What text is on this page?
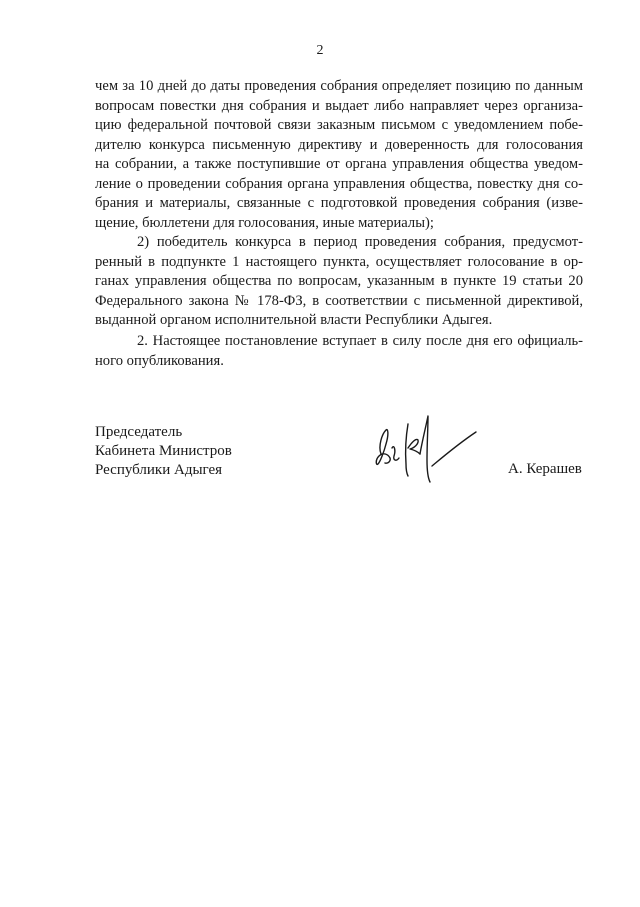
2
чем за 10 дней до даты проведения собрания определяет позицию по данным
вопросам повестки дня собрания и выдает либо направляет через организа-
цию федеральной почтовой связи заказным письмом с уведомлением побе-
дителю конкурса письменную директиву и доверенность для голосования
на собрании, а также поступившие от органа управления общества уведом-
ление о проведении собрания органа управления общества, повестку дня со-
брания и материалы, связанные с подготовкой проведения собрания (изве-
щение, бюллетени для голосования, иные материалы);
2) победитель конкурса в период проведения собрания, предусмот-
ренный в подпункте 1 настоящего пункта, осуществляет голосование в ор-
ганах управления общества по вопросам, указанным в пункте 19 статьи 20
Федерального закона № 178-ФЗ, в соответствии с письменной директивой,
выданной органом исполнительной власти Республики Адыгея.
2. Настоящее постановление вступает в силу после дня его официаль-
ного опубликования.
Председатель
Кабинета Министров
Республики Адыгея	А. Керашев
